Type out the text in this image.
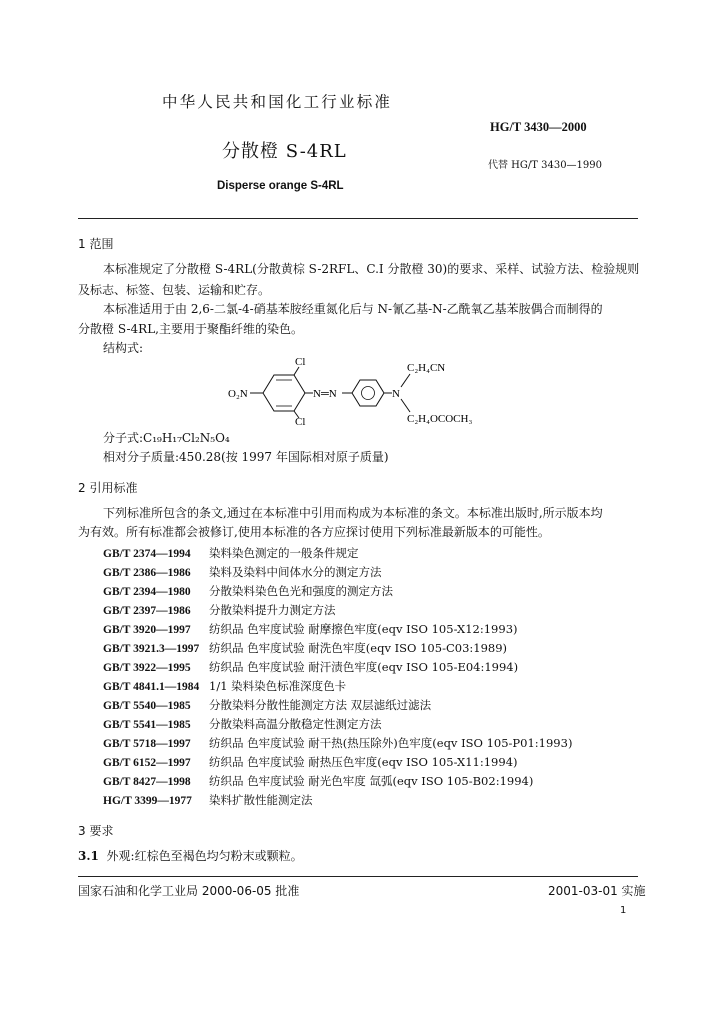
中华人民共和国化工行业标准
HG/T 3430—2000
分散橙 S-4RL
代替 HG/T 3430—1990
Disperse orange S-4RL
1 范围
本标准规定了分散橙 S-4RL(分散黄棕 S-2RFL、C.I 分散橙 30)的要求、采样、试验方法、检验规则
及标志、标签、包装、运输和贮存。
本标准适用于由 2,6-二氯-4-硝基苯胺经重氮化后与 N-氰乙基-N-乙酰氧乙基苯胺偶合而制得的
分散橙 S-4RL,主要用于聚酯纤维的染色。
结构式:
O₂N
Cl
Cl
N═N	N
C₂H₄CN
C₂H₄OCOCH₃
分子式:C₁₉H₁₇Cl₂N₅O₄
相对分子质量:450.28(按 1997 年国际相对原子质量)
2 引用标准
下列标准所包含的条文,通过在本标准中引用而构成为本标准的条文。本标准出版时,所示版本均
为有效。所有标准都会被修订,使用本标准的各方应探讨使用下列标准最新版本的可能性。
GB/T 2374—1994 染料染色测定的一般条件规定
GB/T 2386—1986 染料及染料中间体水分的测定方法
GB/T 2394—1980 分散染料染色色光和强度的测定方法
GB/T 2397—1986 分散染料提升力测定方法
GB/T 3920—1997 纺织品 色牢度试验 耐摩擦色牢度(eqv ISO 105-X12:1993)
GB/T 3921.3—1997 纺织品 色牢度试验 耐洗色牢度(eqv ISO 105-C03:1989)
GB/T 3922—1995 纺织品 色牢度试验 耐汗渍色牢度(eqv ISO 105-E04:1994)
GB/T 4841.1—1984 1/1 染料染色标准深度色卡
GB/T 5540—1985 分散染料分散性能测定方法 双层滤纸过滤法
GB/T 5541—1985 分散染料高温分散稳定性测定方法
GB/T 5718—1997 纺织品 色牢度试验 耐干热(热压除外)色牢度(eqv ISO 105-P01:1993)
GB/T 6152—1997 纺织品 色牢度试验 耐热压色牢度(eqv ISO 105-X11:1994)
GB/T 8427—1998 纺织品 色牢度试验 耐光色牢度 氙弧(eqv ISO 105-B02:1994)
HG/T 3399—1977 染料扩散性能测定法
3 要求
3.1 外观:红棕色至褐色均匀粉末或颗粒。
国家石油和化学工业局 2000-06-05 批准	2001-03-01 实施
1
